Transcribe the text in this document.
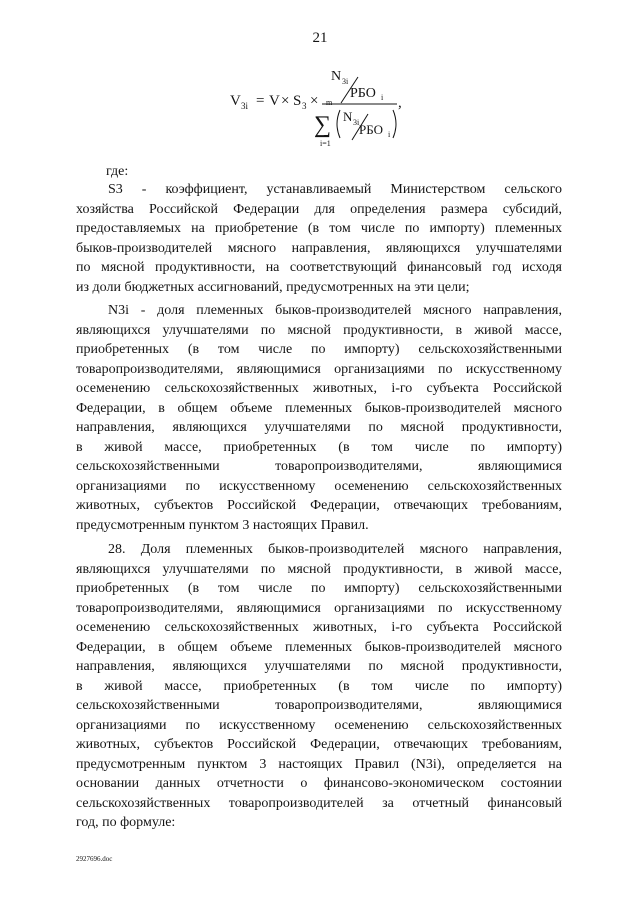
21
V 3i = V × S 3 ×
N 3i
РБО i
m
∑
i=1
N 3i РБО i
,
где:
S3 - коэффициент, устанавливаемый Министерством сельского
хозяйства Российской Федерации для определения размера субсидий,
предоставляемых на приобретение (в том числе по импорту) племенных
быков-производителей мясного направления, являющихся улучшателями
по мясной продуктивности, на соответствующий финансовый год исходя
из доли бюджетных ассигнований, предусмотренных на эти цели;
N3i - доля племенных быков-производителей мясного направления,
являющихся улучшателями по мясной продуктивности, в живой массе,
приобретенных (в том числе по импорту) сельскохозяйственными
товаропроизводителями, являющимися организациями по искусственному
осеменению сельскохозяйственных животных, i-го субъекта Российской
Федерации, в общем объеме племенных быков-производителей мясного
направления, являющихся улучшателями по мясной продуктивности,
в живой массе, приобретенных (в том числе по импорту)
сельскохозяйственными товаропроизводителями, являющимися
организациями по искусственному осеменению сельскохозяйственных
животных, субъектов Российской Федерации, отвечающих требованиям,
предусмотренным пунктом 3 настоящих Правил.
28. Доля племенных быков-производителей мясного направления,
являющихся улучшателями по мясной продуктивности, в живой массе,
приобретенных (в том числе по импорту) сельскохозяйственными
товаропроизводителями, являющимися организациями по искусственному
осеменению сельскохозяйственных животных, i-го субъекта Российской
Федерации, в общем объеме племенных быков-производителей мясного
направления, являющихся улучшателями по мясной продуктивности,
в живой массе, приобретенных (в том числе по импорту)
сельскохозяйственными товаропроизводителями, являющимися
организациями по искусственному осеменению сельскохозяйственных
животных, субъектов Российской Федерации, отвечающих требованиям,
предусмотренным пунктом 3 настоящих Правил (N3i), определяется на
основании данных отчетности о финансово-экономическом состоянии
сельскохозяйственных товаропроизводителей за отчетный финансовый
год, по формуле:
2927696.doc
